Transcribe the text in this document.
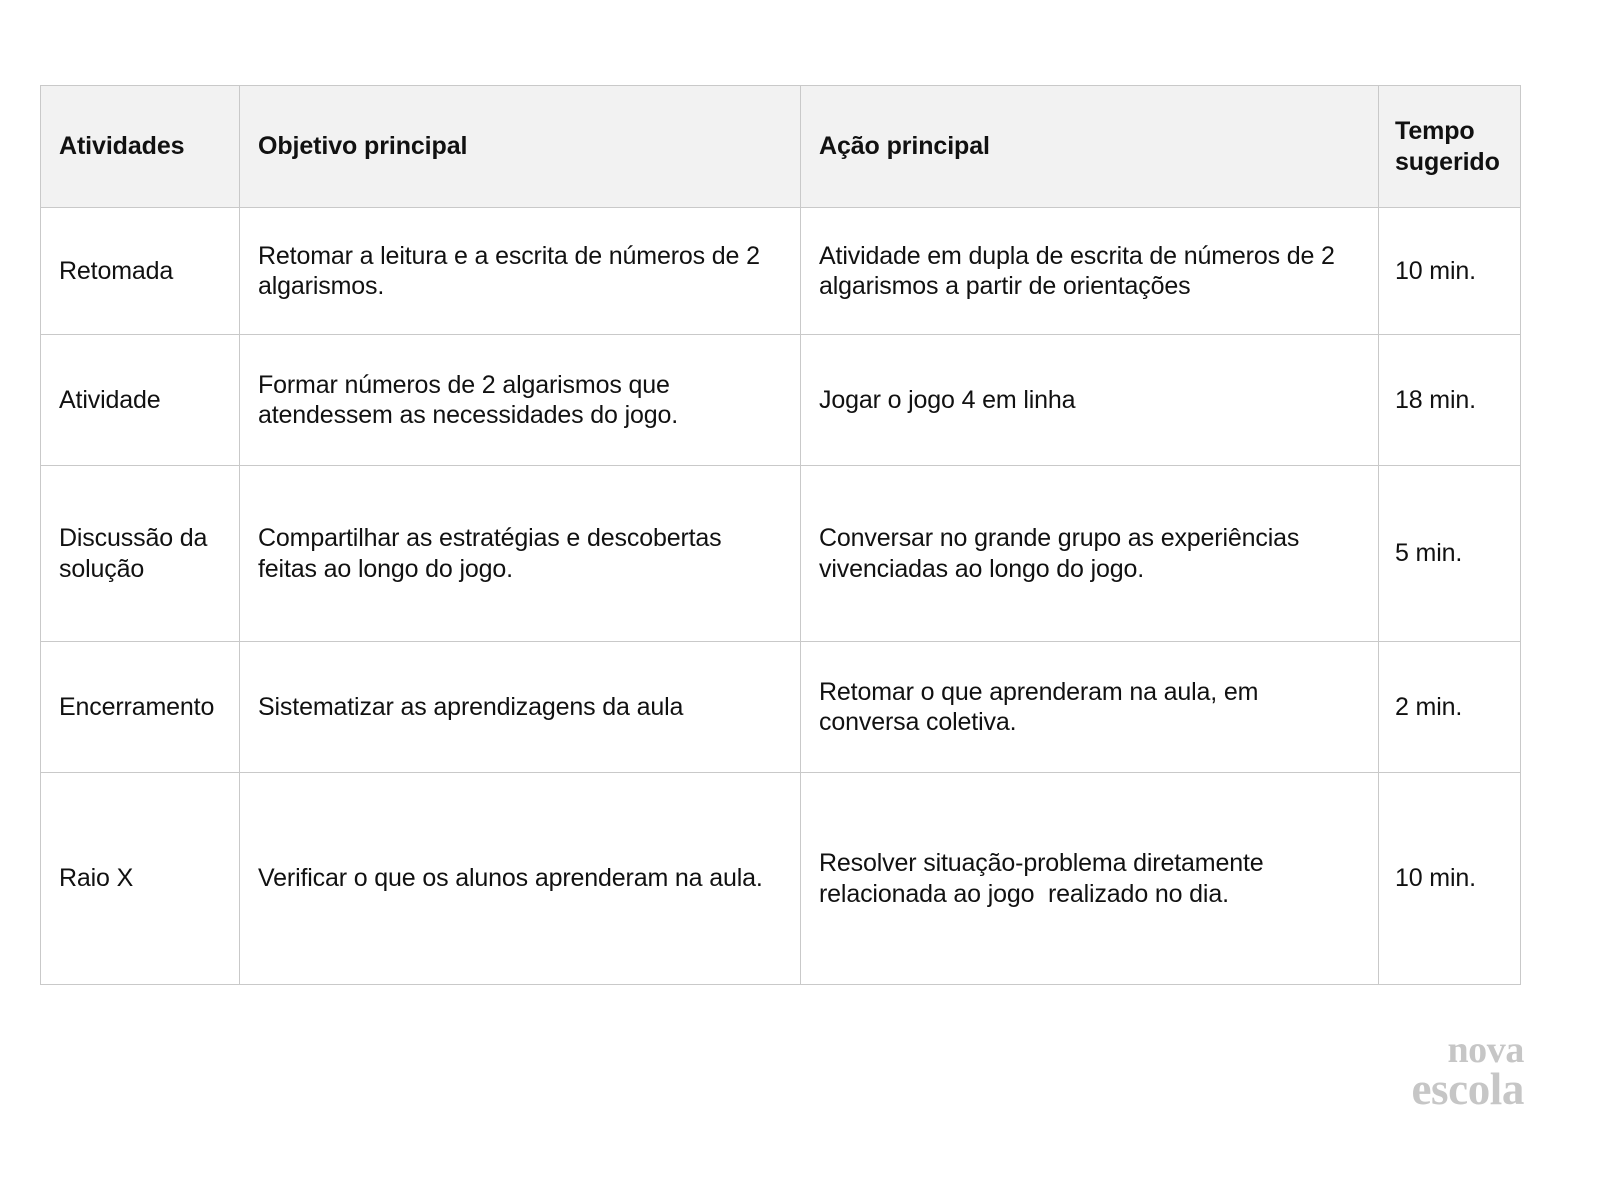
Atividades	Objetivo principal	Ação principal	Tempo sugerido

Retomada	Retomar a leitura e a escrita de números de 2 algarismos.	Atividade em dupla de escrita de números de 2 algarismos a partir de orientações	10 min.

Atividade	Formar números de 2 algarismos que atendessem as necessidades do jogo.	Jogar o jogo 4 em linha	18 min.

Discussão da solução	Compartilhar as estratégias e descobertas feitas ao longo do jogo.	Conversar no grande grupo as experiências vivenciadas ao longo do jogo.	5 min.

Encerramento	Sistematizar as aprendizagens da aula	Retomar o que aprenderam na aula, em conversa coletiva.	2 min.

Raio X	Verificar o que os alunos aprenderam na aula.	Resolver situação-problema diretamente relacionada ao jogo  realizado no dia.	10 min.
nova
escola
